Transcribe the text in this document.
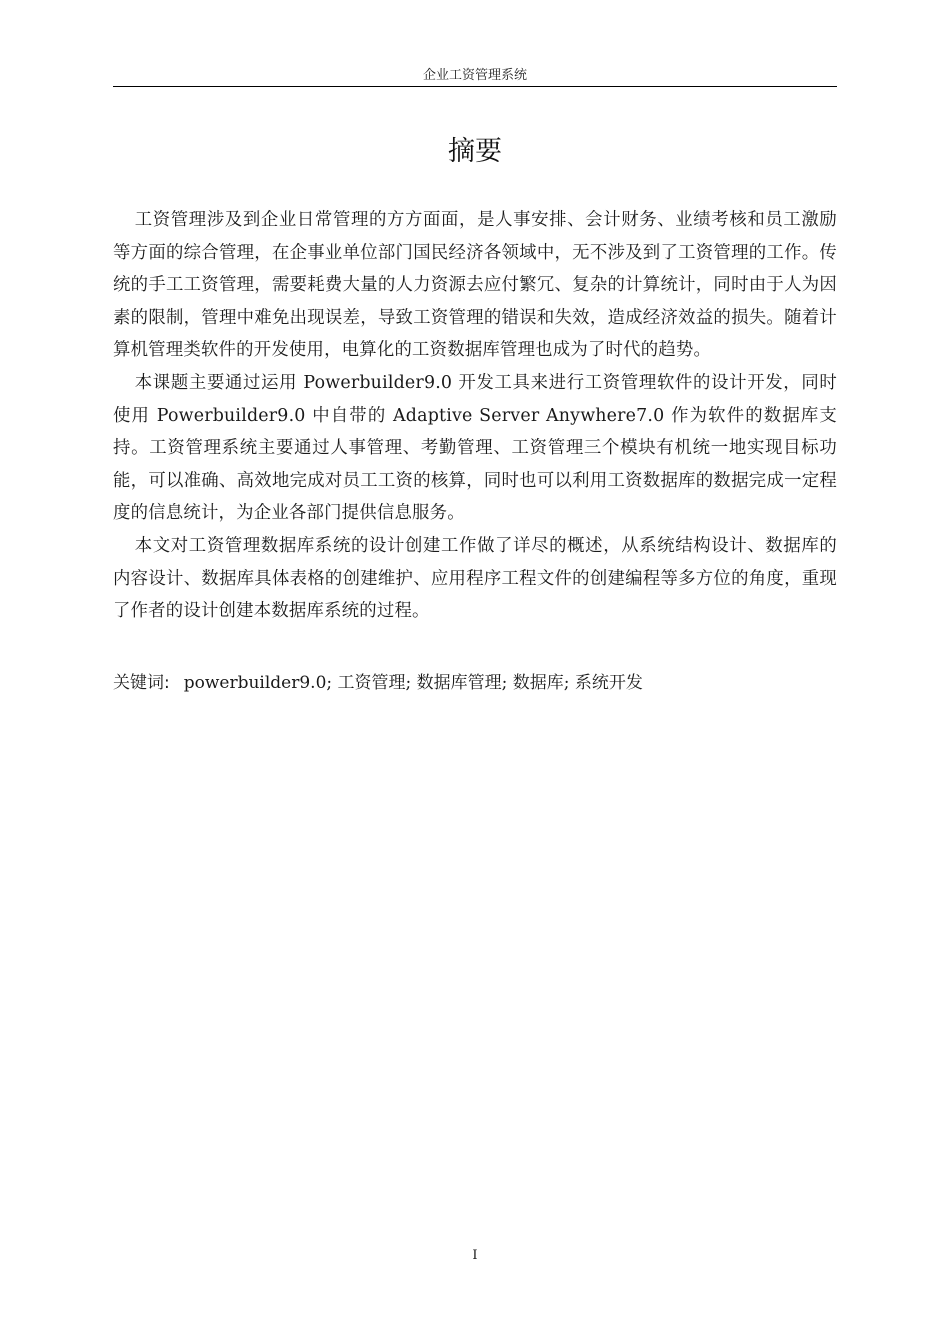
企业工资管理系统
摘要

工资管理涉及到企业日常管理的方方面面，是人事安排、会计财务、业绩考核和员工激励等方面的综合管理，在企事业单位部门国民经济各领域中，无不涉及到了工资管理的工作。传统的手工工资管理，需要耗费大量的人力资源去应付繁冗、复杂的计算统计，同时由于人为因素的限制，管理中难免出现误差，导致工资管理的错误和失效，造成经济效益的损失。随着计算机管理类软件的开发使用，电算化的工资数据库管理也成为了时代的趋势。

本课题主要通过运用 Powerbuilder9.0 开发工具来进行工资管理软件的设计开发，同时使用 Powerbuilder9.0 中自带的 Adaptive Server Anywhere7.0 作为软件的数据库支持。工资管理系统主要通过人事管理、考勤管理、工资管理三个模块有机统一地实现目标功能，可以准确、高效地完成对员工工资的核算，同时也可以利用工资数据库的数据完成一定程度的信息统计，为企业各部门提供信息服务。

本文对工资管理数据库系统的设计创建工作做了详尽的概述，从系统结构设计、数据库的内容设计、数据库具体表格的创建维护、应用程序工程文件的创建编程等多方位的角度，重现了作者的设计创建本数据库系统的过程。

关键词: powerbuilder9.0; 工资管理; 数据库管理; 数据库; 系统开发
I
